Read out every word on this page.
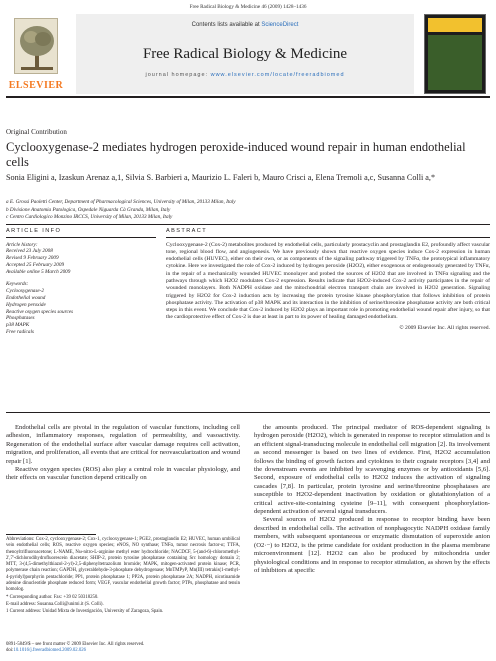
Free Radical Biology & Medicine 46 (2009) 1428–1436
ELSEVIER
Contents lists available at ScienceDirect
Free Radical Biology & Medicine
journal homepage: www.elsevier.com/locate/freeradbiomed
Original Contribution
Cyclooxygenase-2 mediates hydrogen peroxide-induced wound repair in human endothelial cells
Sonia Eligini a, Izaskun Arenaz a,1, Silvia S. Barbieri a, Maurizio L. Faleri b, Mauro Crisci a, Elena Tremoli a,c, Susanna Colli a,*
a E. Grossi Paoletti Center, Department of Pharmacological Sciences, University of Milan, 20133 Milan, Italy
b Divisione Anatomia Patologica, Ospedale Niguarda Cà Granda, Milan, Italy
c Centro Cardiologico Monzino IRCCS, University of Milan, 20133 Milan, Italy
ARTICLE INFO
Article history:
Received 23 July 2008
Revised 9 February 2009
Accepted 25 February 2009
Available online 5 March 2009
Keywords:
Cyclooxygenase-2
Endothelial wound
Hydrogen peroxide
Reactive oxygen species sources
Phosphatases
p38 MAPK
Free radicals
ABSTRACT
Cyclooxygenase-2 (Cox-2) metabolites produced by endothelial cells, particularly prostacyclin and prostaglandin E2, profoundly affect vascular tone, regional blood flow, and angiogenesis. We have previously shown that reactive oxygen species induce Cox-2 expression in human endothelial cells (HUVEC), either on their own, or as components of the signaling pathway triggered by TNFα, the prototypical inflammatory cytokine. Here we investigated the role of Cox-2 induced by hydrogen peroxide (H2O2), either exogenous or endogenously generated by TNFα, in the repair of a mechanically wounded HUVEC monolayer and probed the sources of H2O2 that are involved in TNFα signaling and the pathways through which H2O2 modulates Cox-2 expression. Results indicate that H2O2-induced Cox-2 activity participates in the repair of wounded monolayers. Both NADPH oxidase and the mitochondrial electron transport chain are involved in H2O2 generation. Signaling triggered by H2O2 for Cox-2 induction acts by increasing the protein tyrosine kinase phosphorylation that follows inhibition of protein phosphatase activity. The activation of p38 MAPK and its interaction in the inhibition of serine/threonine phosphatase activity are both critical steps in this event. We conclude that Cox-2 induced by H2O2 plays an important role in promoting endothelial wound repair after injury, so that the cardioprotective effect of Cox-2 is due at least in part to its power of healing damaged endothelium.
© 2009 Elsevier Inc. All rights reserved.

Endothelial cells are pivotal in the regulation of vascular functions, including cell adhesion, inflammatory responses, regulation of permeability, and vasoactivity. Regeneration of the endothelial surface after vascular damage requires cell activation, migration, and proliferation, all events that are critical for neovascularization and wound repair [1].

Reactive oxygen species (ROS) also play a central role in vascular physiology, and their effects on vascular function depend critically on

the amounts produced. The principal mediator of ROS-dependent signaling is hydrogen peroxide (H2O2), which is generated in response to receptor stimulation and is an efficient signal-transducing molecule in endothelial cell migration [2]. Its involvement as second messenger is based on two lines of evidence. First, H2O2 accumulation follows the binding of growth factors and cytokines to their cognate receptors [3,4] and the downstream events are inhibited by scavenging enzymes or by antioxidants [5,6]. Second, exposure of endothelial cells to H2O2 induces the activation of signaling cascades [7,8]. In particular, protein tyrosine and serine/threonine phosphatases are susceptible to H2O2-dependent inactivation by oxidation or glutathionylation of a critical active-site-containing cysteine [9–11], with consequent phosphorylation-dependent activation of several signal transducers.

Several sources of H2O2 produced in response to receptor binding have been described in endothelial cells. The activation of nonphagocytic NADPH oxidase family members, with subsequent spontaneous or enzymatic dismutation of superoxide anion (O2·−) to H2O2, is the prime candidate for oxidant production in the plasma membrane microenvironment [12]. H2O2 can also be produced by mitochondria under physiological conditions and in response to receptor stimulation, as shown by the effects of inhibitors at specific

Abbreviations: Cox-2, cyclooxygenase-2; Cox-1, cyclooxygenase-1; PGE2, prostaglandin E2; HUVEC, human umbilical vein endothelial cells; ROS, reactive oxygen species; eNOS, NO synthase; TNFα, tumor necrosis factor-α; TTFA, thenoyltrifluoroacetone; L-NAME, Nω-nitro-L-arginine methyl ester hydrochloride; NACDCF, 5-(and-6)-chloromethyl-2',7'-dichlorodihydrofluorescein diacetate; SHIP-2, protein tyrosine phosphatase containing Src homology domain 2; MTT, 3-(4,5-dimethylthiazol-2-yl)-2,5-diphenyltetrazolium bromide; MAPK, mitogen-activated protein kinase; PCR, polymerase chain reaction; GAPDH, glyceraldehyde-3-phosphate dehydrogenase; MnTMPyP, Mn(III) tetrakis(1-methyl-4-pyridyl)porphyrin pentachloride; PP1, protein phosphatase 1; PP2A, protein phosphatase 2A; NADPH, nicotinamide adenine dinucleotide phosphate reduced form; VEGF, vascular endothelial growth factor; PTPs, phosphatase and tensin homolog.

* Corresponding author. Fax: +39 02 50318250.

E-mail address: Susanna.Colli@unimi.it (S. Colli).

1 Current address: Unidad Mixta de Investigación, University of Zaragoza, Spain.

0891-5849/$ – see front matter © 2009 Elsevier Inc. All rights reserved.
doi:10.1016/j.freeradbiomed.2009.02.026
